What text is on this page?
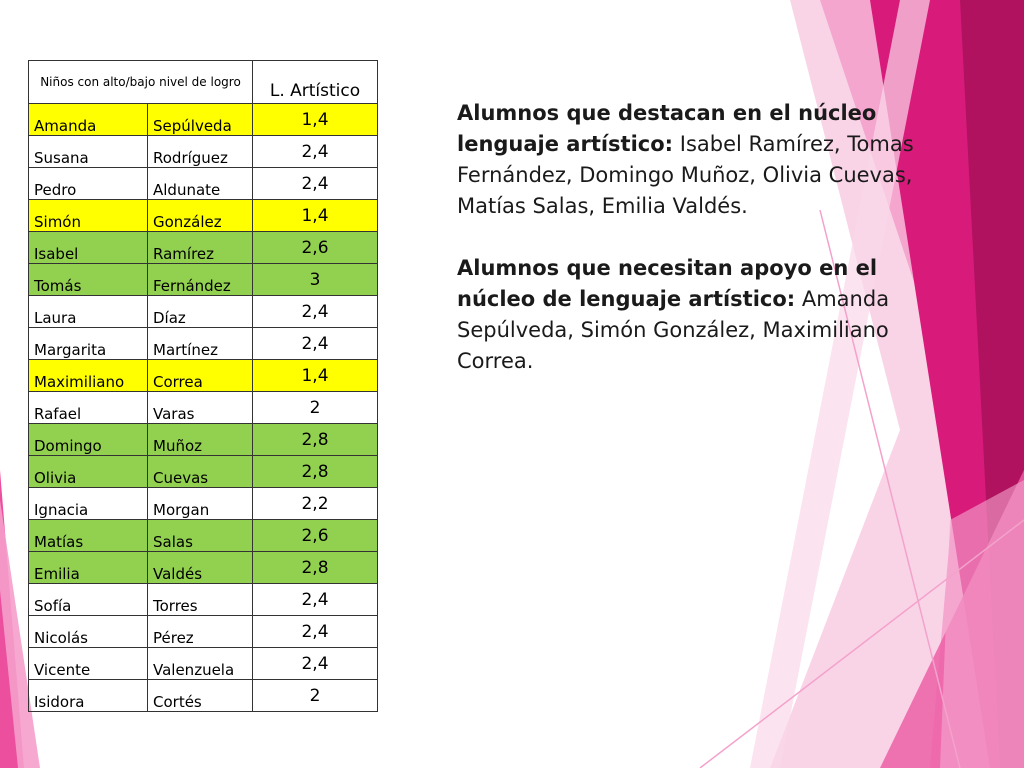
Niños con alto/bajo nivel de logro		L. Artístico
Amanda	Sepúlveda	1,4
Susana	Rodríguez	2,4
Pedro	Aldunate	2,4
Simón	González	1,4
Isabel	Ramírez	2,6
Tomás	Fernández	3
Laura	Díaz	2,4
Margarita	Martínez	2,4
Maximiliano	Correa	1,4
Rafael	Varas	2
Domingo	Muñoz	2,8
Olivia	Cuevas	2,8
Ignacia	Morgan	2,2
Matías	Salas	2,6
Emilia	Valdés	2,8
Sofía	Torres	2,4
Nicolás	Pérez	2,4
Vicente	Valenzuela	2,4
Isidora	Cortés	2

Alumnos que destacan en el núcleo lenguaje artístico: Isabel Ramírez, Tomas Fernández, Domingo Muñoz, Olivia Cuevas, Matías Salas, Emilia Valdés.

Alumnos que necesitan apoyo en el núcleo de lenguaje artístico: Amanda Sepúlveda, Simón González, Maximiliano Correa.
